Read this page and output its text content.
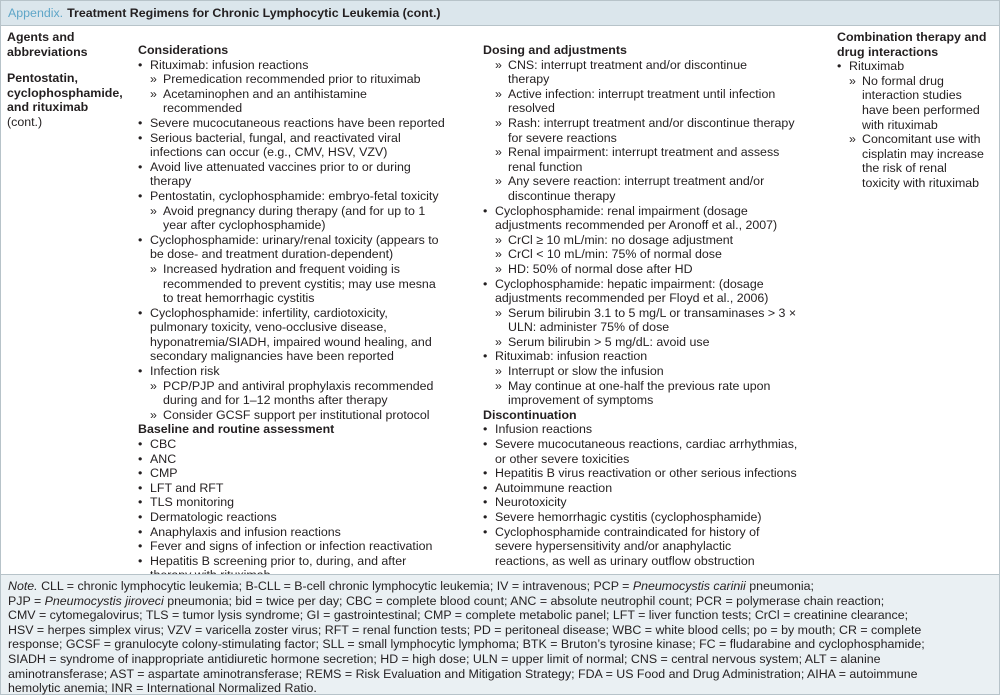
Appendix. Treatment Regimens for Chronic Lymphocytic Leukemia (cont.)
Agents and
abbreviations
Pentostatin,
cyclophosphamide,
and rituximab
(cont.)
Considerations
• Rituximab: infusion reactions
» Premedication recommended prior to rituximab
» Acetaminophen and an antihistamine
recommended
• Severe mucocutaneous reactions have been reported
• Serious bacterial, fungal, and reactivated viral
infections can occur (e.g., CMV, HSV, VZV)
• Avoid live attenuated vaccines prior to or during
therapy
• Pentostatin, cyclophosphamide: embryo-fetal toxicity
» Avoid pregnancy during therapy (and for up to 1
year after cyclophosphamide)
• Cyclophosphamide: urinary/renal toxicity (appears to
be dose- and treatment duration-dependent)
» Increased hydration and frequent voiding is
recommended to prevent cystitis; may use mesna
to treat hemorrhagic cystitis
• Cyclophosphamide: infertility, cardiotoxicity,
pulmonary toxicity, veno-occlusive disease,
hyponatremia/SIADH, impaired wound healing, and
secondary malignancies have been reported
• Infection risk
» PCP/PJP and antiviral prophylaxis recommended
during and for 1–12 months after therapy
» Consider GCSF support per institutional protocol
Baseline and routine assessment
• CBC
• ANC
• CMP
• LFT and RFT
• TLS monitoring
• Dermatologic reactions
• Anaphylaxis and infusion reactions
• Fever and signs of infection or infection reactivation
• Hepatitis B screening prior to, during, and after
Dosing and adjustments
» CNS: interrupt treatment and/or discontinue
therapy
» Active infection: interrupt treatment until infection
resolved
» Rash: interrupt treatment and/or discontinue therapy
for severe reactions
» Renal impairment: interrupt treatment and assess
renal function
» Any severe reaction: interrupt treatment and/or
discontinue therapy
• Cyclophosphamide: renal impairment (dosage
adjustments recommended per Aronoff et al., 2007)
» CrCl ≥ 10 mL/min: no dosage adjustment
» CrCl < 10 mL/min: 75% of normal dose
» HD: 50% of normal dose after HD
• Cyclophosphamide: hepatic impairment: (dosage
adjustments recommended per Floyd et al., 2006)
» Serum bilirubin 3.1 to 5 mg/L or transaminases > 3 ×
ULN: administer 75% of dose
» Serum bilirubin > 5 mg/dL: avoid use
• Rituximab: infusion reaction
» Interrupt or slow the infusion
» May continue at one-half the previous rate upon
improvement of symptoms
Discontinuation
• Infusion reactions
• Severe mucocutaneous reactions, cardiac arrhythmias,
or other severe toxicities
• Hepatitis B virus reactivation or other serious infections
• Autoimmune reaction
• Neurotoxicity
• Severe hemorrhagic cystitis (cyclophosphamide)
• Cyclophosphamide contraindicated for history of
severe hypersensitivity and/or anaphylactic
reactions, as well as urinary outflow obstruction
Combination therapy and
drug interactions
• Rituximab
» No formal drug
interaction studies
have been performed
with rituximab
» Concomitant use with
cisplatin may increase
the risk of renal
toxicity with rituximab
Note. CLL = chronic lymphocytic leukemia; B-CLL = B-cell chronic lymphocytic leukemia; IV = intravenous; PCP = Pneumocystis carinii pneumonia;
PJP = Pneumocystis jiroveci pneumonia; bid = twice per day; CBC = complete blood count; ANC = absolute neutrophil count; PCR = polymerase chain reaction;
CMV = cytomegalovirus; TLS = tumor lysis syndrome; GI = gastrointestinal; CMP = complete metabolic panel; LFT = liver function tests; CrCl = creatinine clearance;
HSV = herpes simplex virus; VZV = varicella zoster virus; RFT = renal function tests; PD = peritoneal disease; WBC = white blood cells; po = by mouth; CR = complete
response; GCSF = granulocyte colony-stimulating factor; SLL = small lymphocytic lymphoma; BTK = Bruton’s tyrosine kinase; FC = fludarabine and cyclophosphamide;
SIADH = syndrome of inappropriate antidiuretic hormone secretion; HD = high dose; ULN = upper limit of normal; CNS = central nervous system; ALT = alanine
aminotransferase; AST = aspartate aminotransferase; REMS = Risk Evaluation and Mitigation Strategy; FDA = US Food and Drug Administration; AIHA = autoimmune
hemolytic anemia; INR = International Normalized Ratio.
